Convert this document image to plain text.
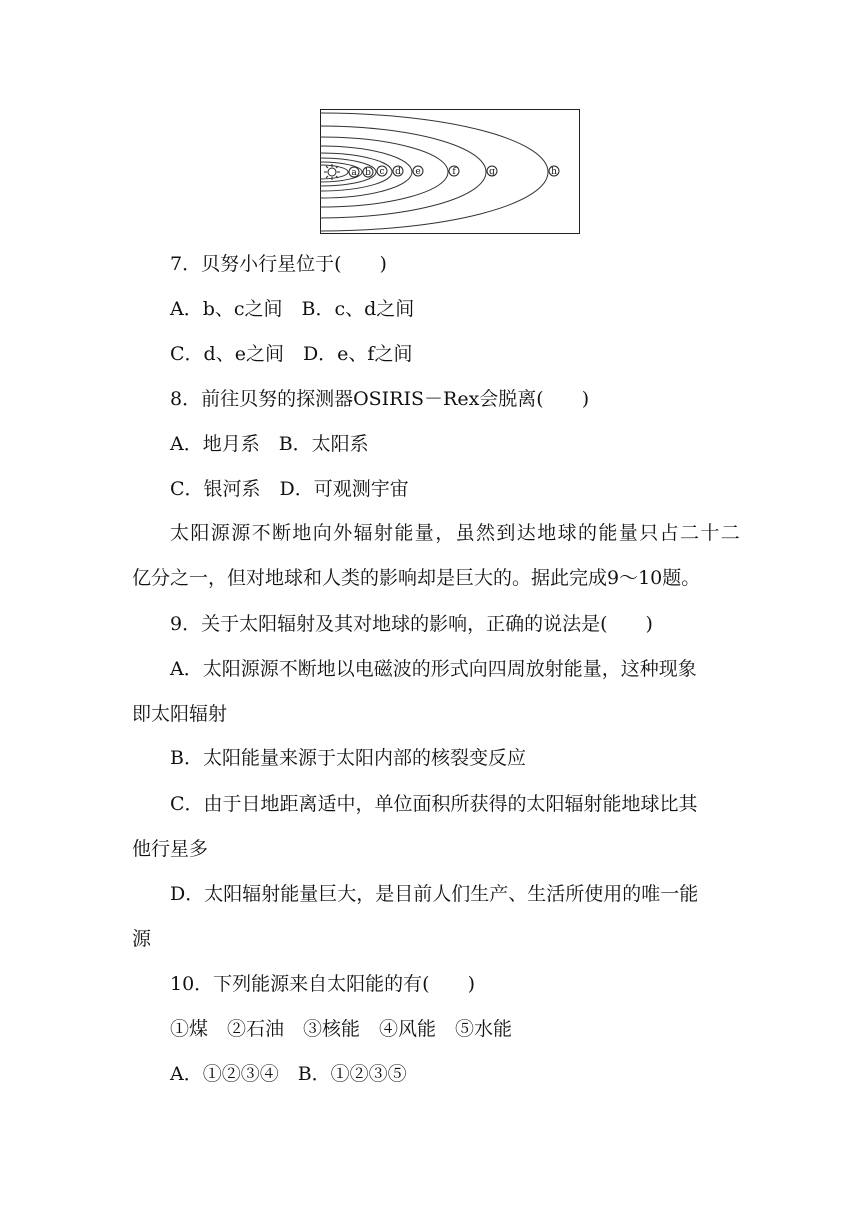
a b c d e	f	g	h
7．贝努小行星位于(　　)
A．b、c之间　B．c、d之间
C．d、e之间　D．e、f之间
8．前往贝努的探测器OSIRIS－Rex会脱离(　　)
A．地月系　B．太阳系
C．银河系　D．可观测宇宙
太阳源源不断地向外辐射能量，虽然到达地球的能量只占二十二
亿分之一，但对地球和人类的影响却是巨大的。据此完成9～10题。
9．关于太阳辐射及其对地球的影响，正确的说法是(　　)
A．太阳源源不断地以电磁波的形式向四周放射能量，这种现象
即太阳辐射
B．太阳能量来源于太阳内部的核裂变反应
C．由于日地距离适中，单位面积所获得的太阳辐射能地球比其
他行星多
D．太阳辐射能量巨大，是目前人们生产、生活所使用的唯一能
源
10．下列能源来自太阳能的有(　　)
①煤　②石油　③核能　④风能　⑤水能
A．①②③④　B．①②③⑤
